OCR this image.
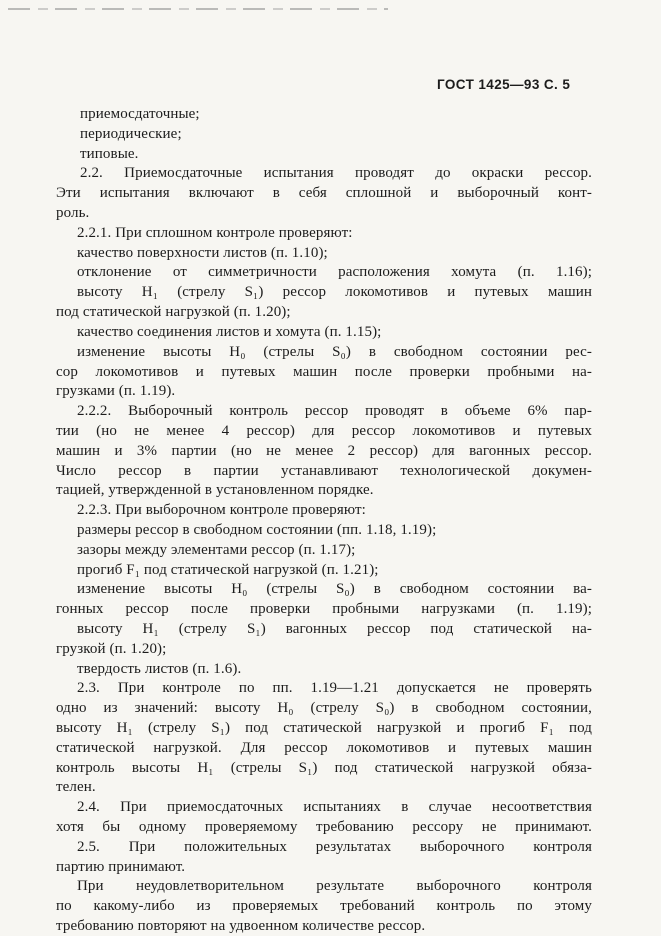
ГОСТ 1425—93 С. 5

приемосдаточные;

периодические;

типовые.

2.2. Приемосдаточные испытания проводят до окраски рессор.

Эти испытания включают в себя сплошной и выборочный конт-

роль.

2.2.1. При сплошном контроле проверяют:

качество поверхности листов (п. 1.10);

отклонение от симметричности расположения хомута (п. 1.16);

высоту H₁ (стрелу S₁) рессор локомотивов и путевых машин

под статической нагрузкой (п. 1.20);

качество соединения листов и хомута (п. 1.15);

изменение высоты H₀ (стрелы S₀) в свободном состоянии рес-

сор локомотивов и путевых машин после проверки пробными на-

грузками (п. 1.19).

2.2.2. Выборочный контроль рессор проводят в объеме 6% пар-

тии (но не менее 4 рессор) для рессор локомотивов и путевых

машин и 3% партии (но не менее 2 рессор) для вагонных рессор.

Число рессор в партии устанавливают технологической докумен-

тацией, утвержденной в установленном порядке.

2.2.3. При выборочном контроле проверяют:

размеры рессор в свободном состоянии (пп. 1.18, 1.19);

зазоры между элементами рессор (п. 1.17);

прогиб F₁ под статической нагрузкой (п. 1.21);

изменение высоты H₀ (стрелы S₀) в свободном состоянии ва-

гонных рессор после проверки пробными нагрузками (п. 1.19);

высоту H₁ (стрелу S₁) вагонных рессор под статической на-

грузкой (п. 1.20);

твердость листов (п. 1.6).

2.3. При контроле по пп. 1.19—1.21 допускается не проверять

одно из значений: высоту H₀ (стрелу S₀) в свободном состоянии,

высоту H₁ (стрелу S₁) под статической нагрузкой и прогиб F₁ под

статической нагрузкой. Для рессор локомотивов и путевых машин

контроль высоты H₁ (стрелы S₁) под статической нагрузкой обяза-

телен.

2.4. При приемосдаточных испытаниях в случае несоответствия

хотя бы одному проверяемому требованию рессору не принимают.

2.5. При положительных результатах выборочного контроля

партию принимают.

При неудовлетворительном результате выборочного контроля

по какому-либо из проверяемых требований контроль по этому

требованию повторяют на удвоенном количестве рессор.
